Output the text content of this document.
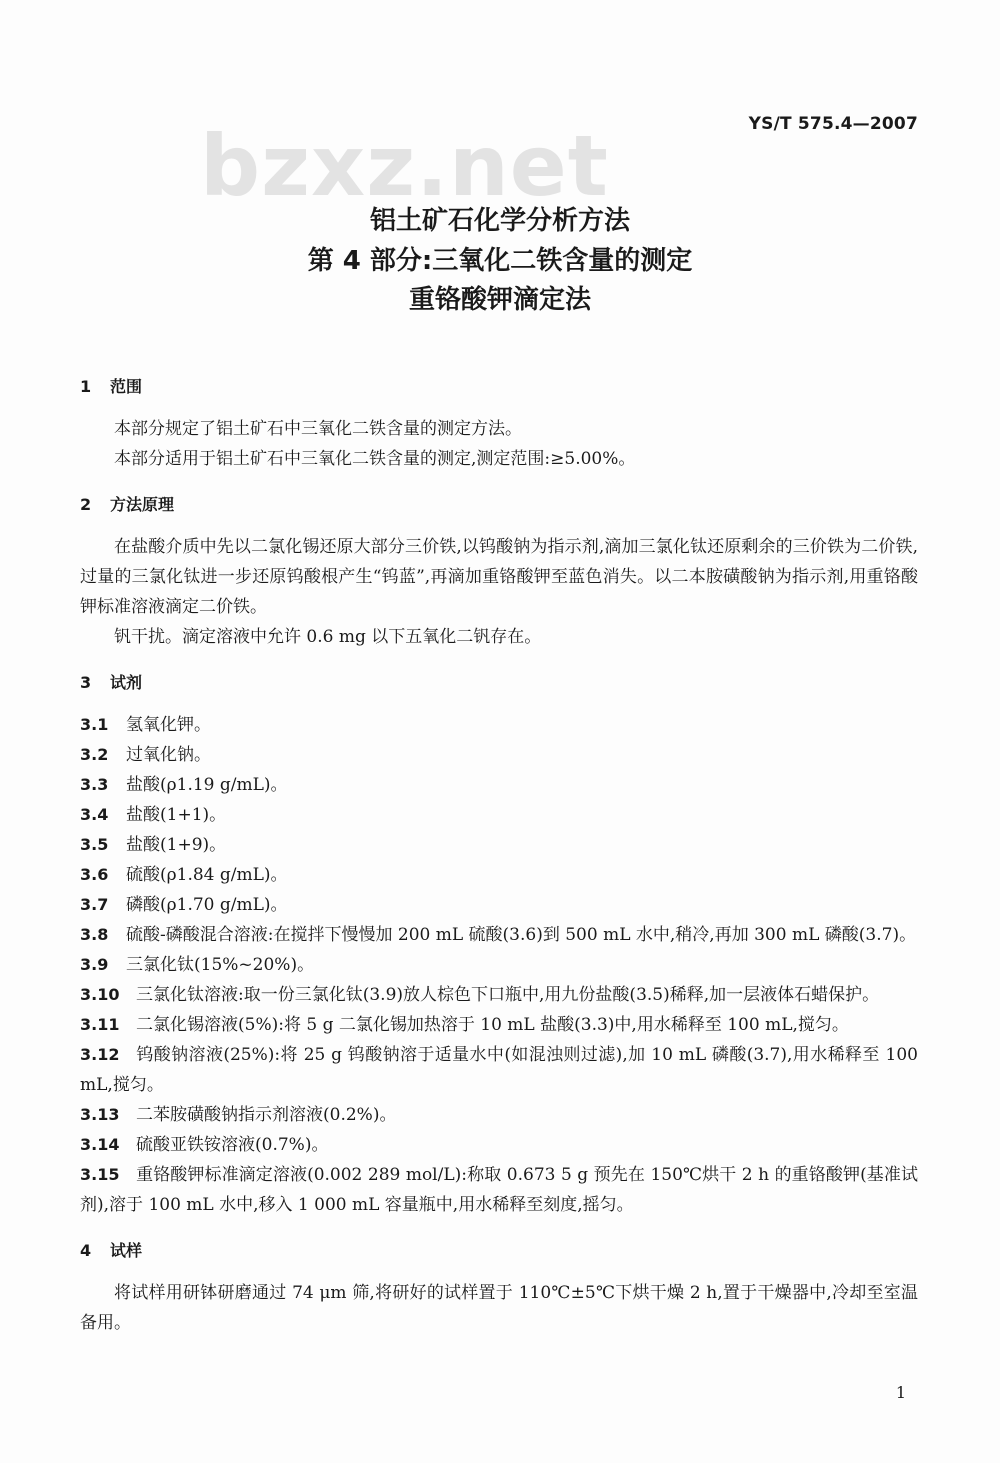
bzxz.net	YS/T 575.4—2007
铝土矿石化学分析方法
第 4 部分:三氧化二铁含量的测定
重铬酸钾滴定法

1 范围

本部分规定了铝土矿石中三氧化二铁含量的测定方法。

本部分适用于铝土矿石中三氧化二铁含量的测定,测定范围:≥5.00%。

2 方法原理

在盐酸介质中先以二氯化锡还原大部分三价铁,以钨酸钠为指示剂,滴加三氯化钛还原剩余的三价铁为二价铁,过量的三氯化钛进一步还原钨酸根产生“钨蓝”,再滴加重铬酸钾至蓝色消失。以二本胺磺酸钠为指示剂,用重铬酸钾标准溶液滴定二价铁。

钒干扰。滴定溶液中允许 0.6 mg 以下五氧化二钒存在。

3 试剂

3.1 氢氧化钾。

3.2 过氧化钠。

3.3 盐酸(ρ1.19 g/mL)。

3.4 盐酸(1+1)。

3.5 盐酸(1+9)。

3.6 硫酸(ρ1.84 g/mL)。

3.7 磷酸(ρ1.70 g/mL)。

3.8 硫酸-磷酸混合溶液:在搅拌下慢慢加 200 mL 硫酸(3.6)到 500 mL 水中,稍冷,再加 300 mL 磷酸(3.7)。

3.9 三氯化钛(15%~20%)。

3.10 三氯化钛溶液:取一份三氯化钛(3.9)放人棕色下口瓶中,用九份盐酸(3.5)稀释,加一层液体石蜡保护。

3.11 二氯化锡溶液(5%):将 5 g 二氯化锡加热溶于 10 mL 盐酸(3.3)中,用水稀释至 100 mL,搅匀。

3.12 钨酸钠溶液(25%):将 25 g 钨酸钠溶于适量水中(如混浊则过滤),加 10 mL 磷酸(3.7),用水稀释至 100 mL,搅匀。

3.13 二苯胺磺酸钠指示剂溶液(0.2%)。

3.14 硫酸亚铁铵溶液(0.7%)。

3.15 重铬酸钾标准滴定溶液(0.002 289 mol/L):称取 0.673 5 g 预先在 150℃烘干 2 h 的重铬酸钾(基准试剂),溶于 100 mL 水中,移入 1 000 mL 容量瓶中,用水稀释至刻度,摇匀。

4 试样

将试样用研钵研磨通过 74 μm 筛,将研好的试样置于 110℃±5℃下烘干燥 2 h,置于干燥器中,冷却至室温备用。

1
